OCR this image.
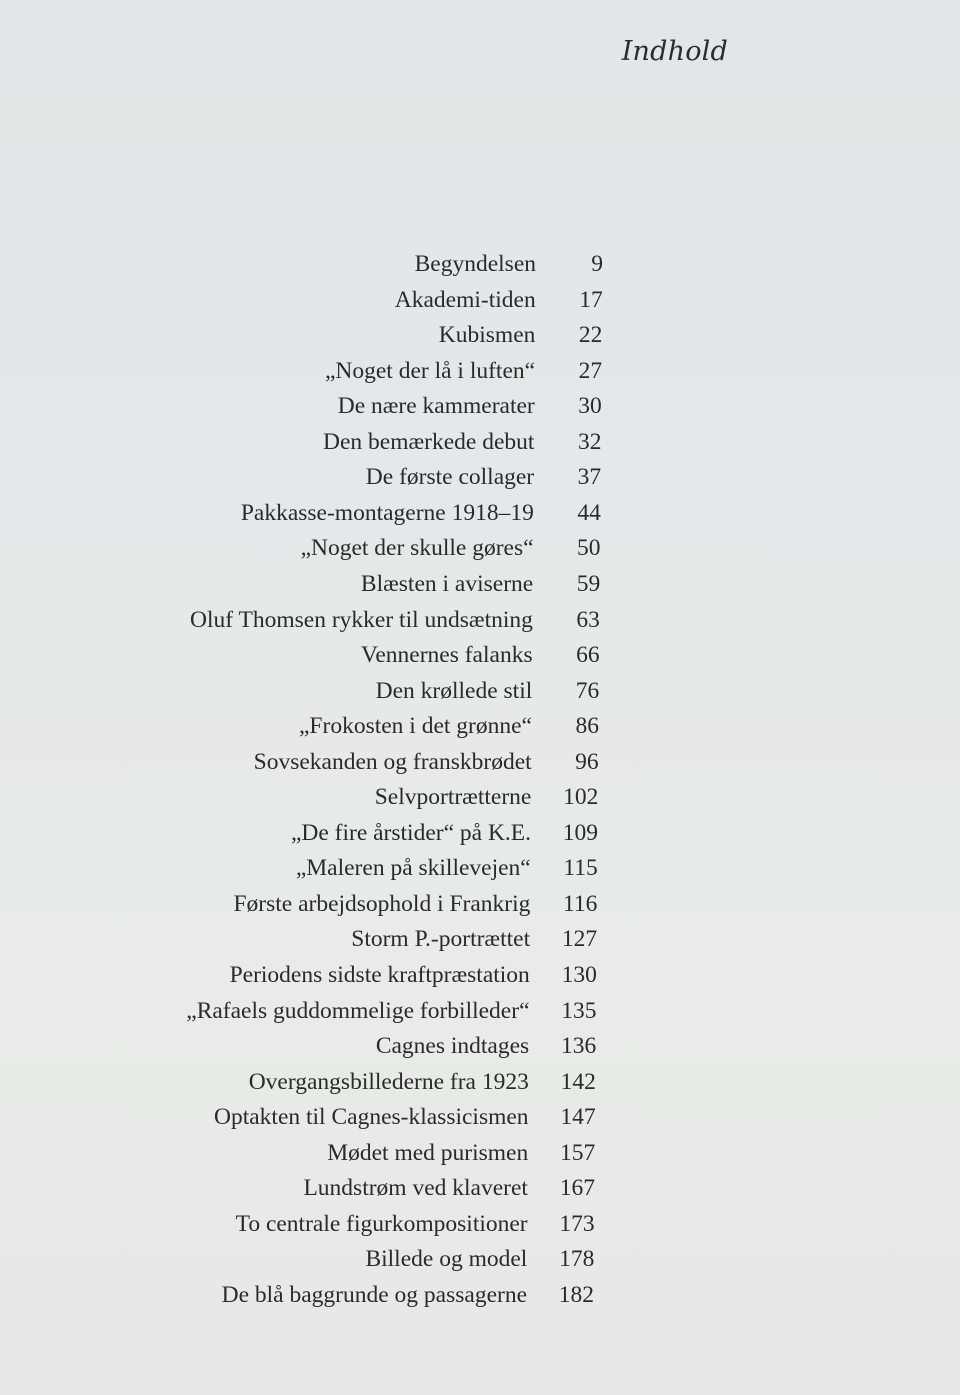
Indhold
Begyndelsen	9
Akademi-tiden	17
Kubismen	22
„Noget der lå i luften“	27
De nære kammerater	30
Den bemærkede debut	32
De første collager	37
Pakkasse-montagerne 1918–19	44
„Noget der skulle gøres“	50
Blæsten i aviserne	59
Oluf Thomsen rykker til undsætning	63
Vennernes falanks	66
Den krøllede stil	76
„Frokosten i det grønne“	86
Sovsekanden og franskbrødet	96
Selvportrætterne	102
„De fire årstider“ på K.E.	109
„Maleren på skillevejen“	115
Første arbejdsophold i Frankrig	116
Storm P.-portrættet	127
Periodens sidste kraftpræstation	130
„Rafaels guddommelige forbilleder“	135
Cagnes indtages	136
Overgangsbillederne fra 1923	142
Optakten til Cagnes-klassicismen	147
Mødet med purismen	157
Lundstrøm ved klaveret	167
To centrale figurkompositioner	173
Billede og model	178
De blå baggrunde og passagerne	182
